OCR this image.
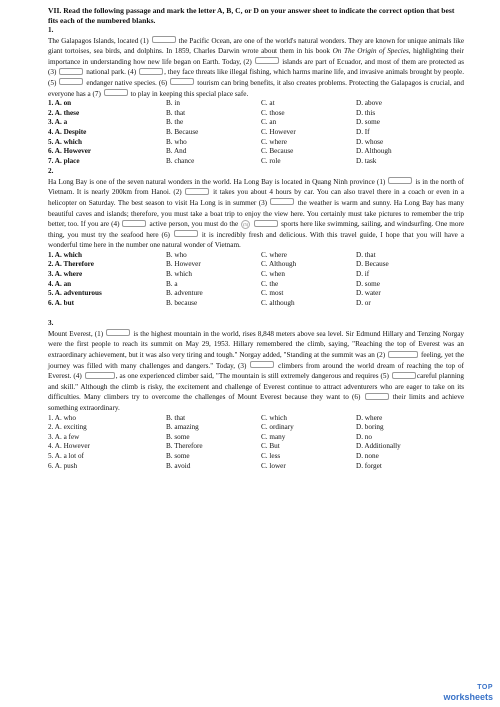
VII. Read the following passage and mark the letter A, B, C, or D on your answer sheet to indicate the correct option that best fits each of the numbered blanks.

1.

The Galapagos Islands, located (1)	the Pacific Ocean, are one of the world's natural wonders. They are known for unique animals like giant tortoises, sea birds, and dolphins. In 1859, Charles Darwin wrote about them in his book On The Origin of Species, highlighting their importance in understanding how new life began on Earth. Today, (2)	islands are part of Ecuador, and most of them are protected as (3)	national park. (4)	, they face threats like illegal fishing, which harms marine life, and invasive animals brought by people. (5)	endanger native species. (6)	tourism can bring benefits, it also creates problems. Protecting the Galapagos is crucial, and everyone has a (7)	to play in keeping this special place safe.

1. A. on	B. in	C. at	D. above
2. A. these	B. that	C. those	D. this
3. A. a	B. the	C. an	D. some
4. A. Despite	B. Because	C. However	D. If
5. A. which	B. who	C. where	D. whose
6. A. However	B. And	C. Because	D. Although
7. A. place	B. chance	C. role	D. task
2.

Ha Long Bay is one of the seven natural wonders in the world. Ha Long Bay is located in Quang Ninh province (1)	is in the north of Vietnam. It is nearly 200km from Hanoi. (2)	it takes you about 4 hours by car. You can also travel there in a coach or even in a helicopter on Saturday. The best season to visit Ha Long is in summer (3)	the weather is warm and sunny. Ha Long Bay has many beautiful caves and islands; therefore, you must take a boat trip to enjoy the view here. You certainly must take pictures to remember the trip better, too. If you are (4)	active person, you must do the (5)	sports here like swimming, sailing, and windsurfing. One more thing, you must try the seafood here (6)	it is incredibly fresh and delicious. With this travel guide, I hope that you will have a wonderful time here in the number one natural wonder of Vietnam.

1. A. which	B. who	C. where	D. that
2. A. Therefore	B. However	C. Although	D. Because
3. A. where	B. which	C. when	D. if
4. A. an	B. a	C. the	D. some
5. A. adventurous	B. adventure	C. most	D. water
6. A. but	B. because	C. although	D. or
3.

Mount Everest, (1)	is the highest mountain in the world, rises 8,848 meters above sea level. Sir Edmund Hillary and Tenzing Norgay were the first people to reach its summit on May 29, 1953. Hillary remembered the climb, saying, "Reaching the top of Everest was an extraordinary achievement, but it was also very tiring and tough." Norgay added, "Standing at the summit was an (2)	feeling, yet the journey was filled with many challenges and dangers." Today, (3)	climbers from around the world dream of reaching the top of Everest. (4)	, as one experienced climber said, "The mountain is still extremely dangerous and requires (5)	careful planning and skill." Although the climb is risky, the excitement and challenge of Everest continue to attract adventurers who are eager to take on its difficulties. Many climbers try to overcome the challenges of Mount Everest because they want to (6)	their limits and achieve something extraordinary.

1. A. who	B. that	C. which	D. where
2. A. exciting	B. amazing	C. ordinary	D. boring
3. A. a few	B. some	C. many	D. no
4. A. However	B. Therefore	C. But	D. Additionally
5. A. a lot of	B. some	C. less	D. none
6. A. push	B. avoid	C. lower	D. forget
TOP
worksheets
